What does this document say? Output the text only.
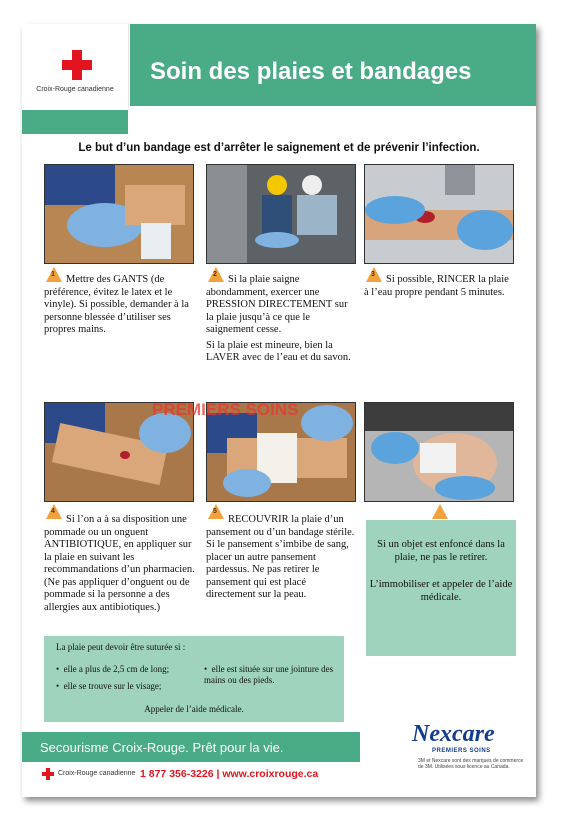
Croix-Rouge canadienne
Soin des plaies et bandages
Le but d’un bandage est d’arrêter le saignement et de prévenir l’infection.
1	2	3
Mettre des GANTS (de préférence, évitez le latex et le vinyle). Si possible, demander à la personne blessée d’utiliser ses propres mains.

Si la plaie saigne abondamment, exercer une PRESSION DIRECTEMENT sur la plaie jusqu’à ce que le saignement cesse.

Si la plaie est mineure, bien la LAVER avec de l’eau et du savon.

Si possible, RINCER la plaie à l’eau propre pendant 5 minutes.
PREMIERS SOINS
4	5
Si l’on a à sa disposition une pommade ou un onguent ANTIBIOTIQUE, en appliquer sur la plaie en suivant les recommandations d’un pharmacien. (Ne pas appliquer d’onguent ou de pommade si la personne a des allergies aux antibiotiques.)
RECOUVRIR la plaie d’un pansement ou d’un bandage stérile. Si le pansement s’imbibe de sang, placer un autre pansement pardessus. Ne pas retirer le pansement qui est placé directement sur la peau.
Si un objet est enfoncé dans la plaie, ne pas le retirer.
L’immobiliser et appeler de l’aide médicale.
La plaie peut devoir être suturée si :
•  elle a plus de 2,5 cm de long;
•  elle se trouve sur le visage;
•  elle est située sur une jointure des mains ou des pieds.
Appeler de l’aide médicale.
Secourisme Croix-Rouge. Prêt pour la vie.
Croix-Rouge canadienne 1 877 356-3226 | www.croixrouge.ca
Nexcare
PREMIERS SOINS
3M et Nexcare sont des marques de commerce de 3M. Utilisées sous licence au Canada.
